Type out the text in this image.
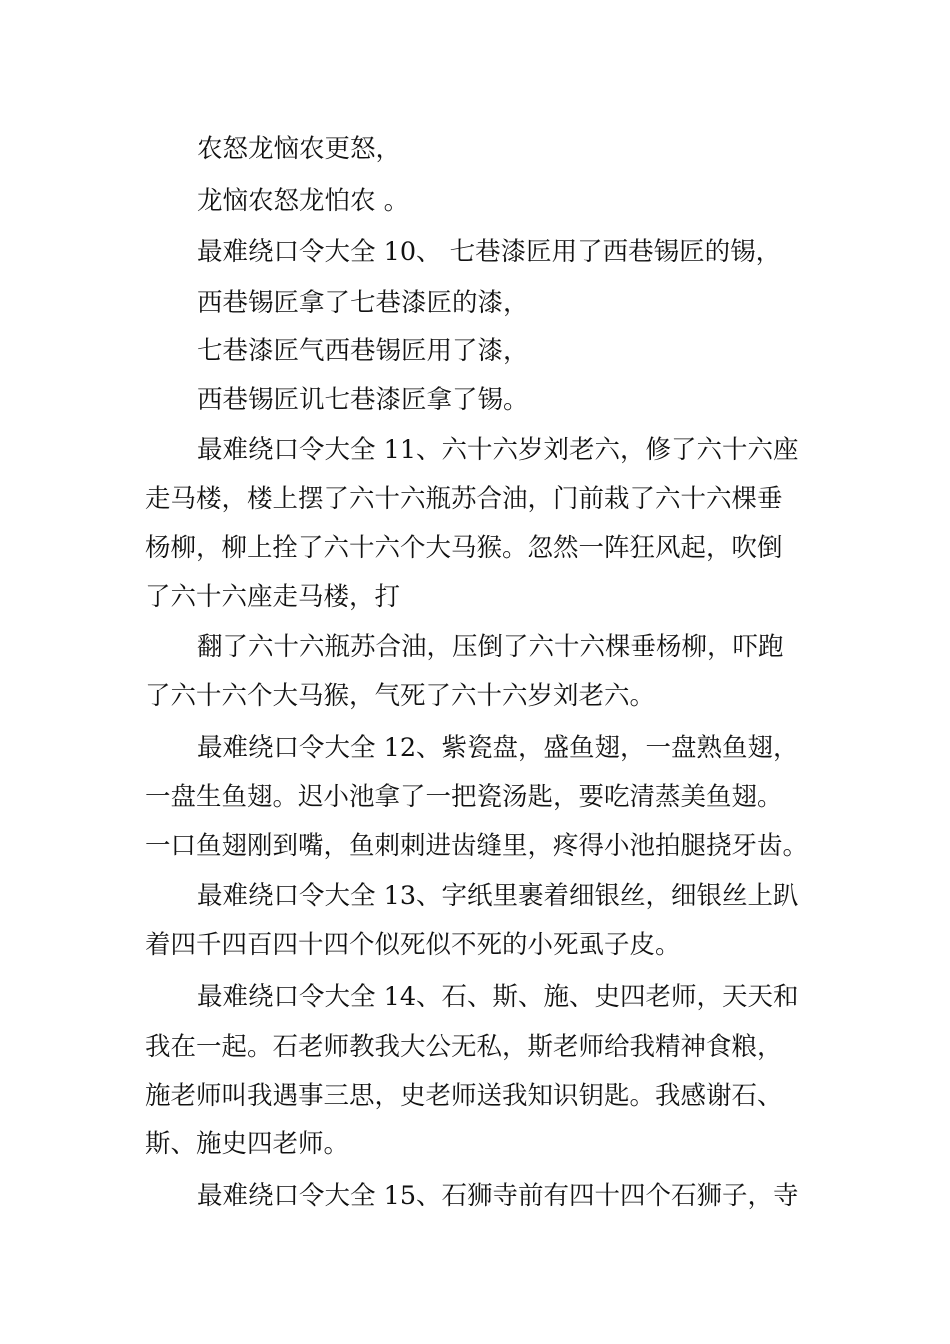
农怒龙恼农更怒，
龙恼农怒龙怕农 。
最难绕口令大全 10、 七巷漆匠用了西巷锡匠的锡，
西巷锡匠拿了七巷漆匠的漆，
七巷漆匠气西巷锡匠用了漆，
西巷锡匠讥七巷漆匠拿了锡。
最难绕口令大全 11、六十六岁刘老六，修了六十六座
走马楼，楼上摆了六十六瓶苏合油，门前栽了六十六棵垂
杨柳，柳上拴了六十六个大马猴。忽然一阵狂风起，吹倒
了六十六座走马楼，打
翻了六十六瓶苏合油，压倒了六十六棵垂杨柳，吓跑
了六十六个大马猴，气死了六十六岁刘老六。
最难绕口令大全 12、紫瓷盘，盛鱼翅，一盘熟鱼翅，
一盘生鱼翅。迟小池拿了一把瓷汤匙，要吃清蒸美鱼翅。
一口鱼翅刚到嘴，鱼刺刺进齿缝里，疼得小池拍腿挠牙齿。
最难绕口令大全 13、字纸里裹着细银丝，细银丝上趴
着四千四百四十四个似死似不死的小死虱子皮。
最难绕口令大全 14、石、斯、施、史四老师，天天和
我在一起。石老师教我大公无私，斯老师给我精神食粮，
施老师叫我遇事三思，史老师送我知识钥匙。我感谢石、
斯、施史四老师。
最难绕口令大全 15、石狮寺前有四十四个石狮子，寺
